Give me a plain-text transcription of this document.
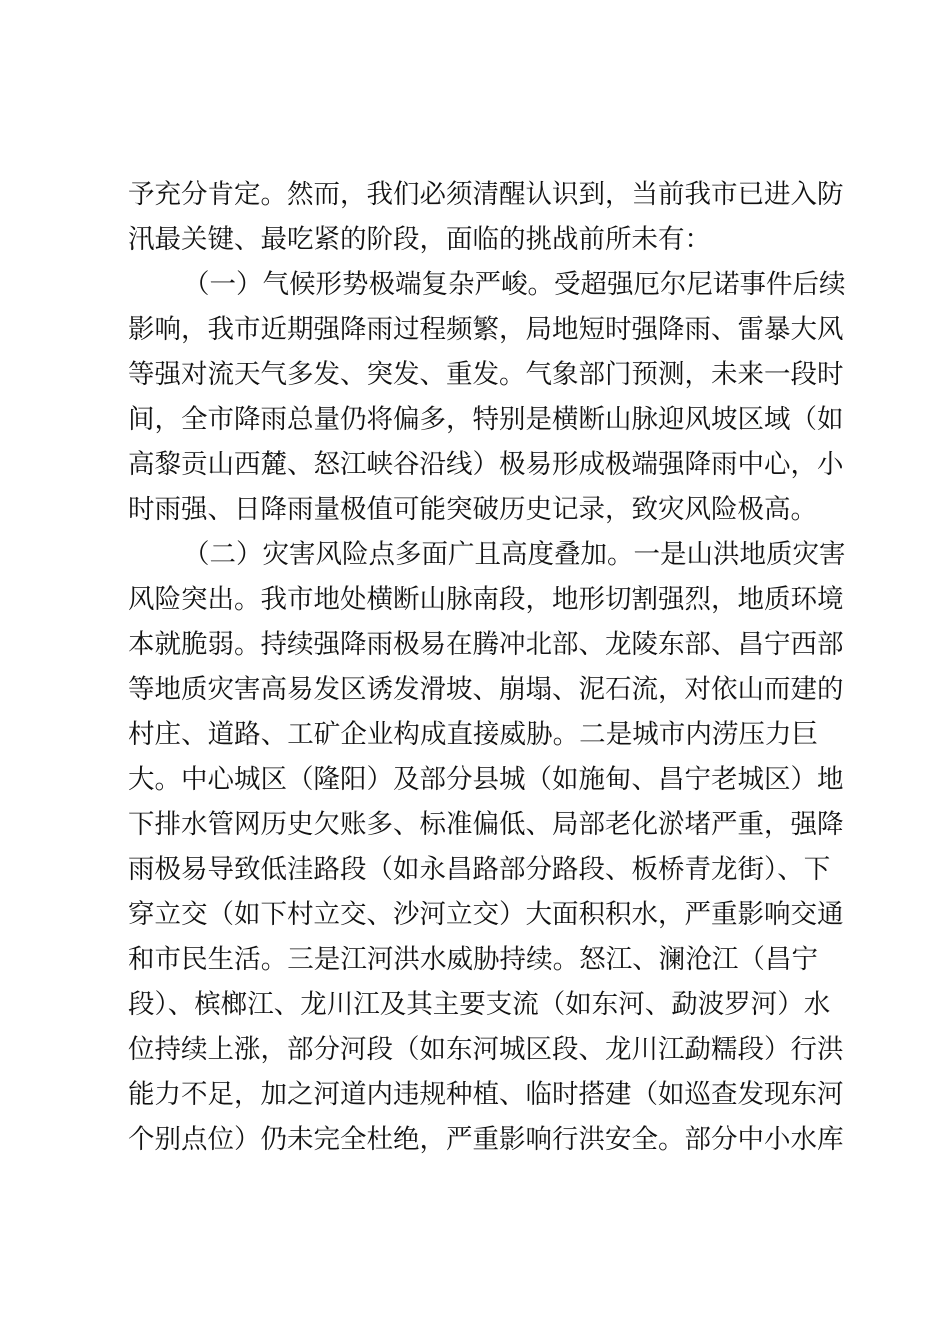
予充分肯定。然而，我们必须清醒认识到，当前我市已进入防
汛最关键、最吃紧的阶段，面临的挑战前所未有：
（一）气候形势极端复杂严峻。受超强厄尔尼诺事件后续
影响，我市近期强降雨过程频繁，局地短时强降雨、雷暴大风
等强对流天气多发、突发、重发。气象部门预测，未来一段时
间，全市降雨总量仍将偏多，特别是横断山脉迎风坡区域（如
高黎贡山西麓、怒江峡谷沿线）极易形成极端强降雨中心，小
时雨强、日降雨量极值可能突破历史记录，致灾风险极高。
（二）灾害风险点多面广且高度叠加。一是山洪地质灾害
风险突出。我市地处横断山脉南段，地形切割强烈，地质环境
本就脆弱。持续强降雨极易在腾冲北部、龙陵东部、昌宁西部
等地质灾害高易发区诱发滑坡、崩塌、泥石流，对依山而建的
村庄、道路、工矿企业构成直接威胁。二是城市内涝压力巨
大。中心城区（隆阳）及部分县城（如施甸、昌宁老城区）地
下排水管网历史欠账多、标准偏低、局部老化淤堵严重，强降
雨极易导致低洼路段（如永昌路部分路段、板桥青龙街）、下
穿立交（如下村立交、沙河立交）大面积积水，严重影响交通
和市民生活。三是江河洪水威胁持续。怒江、澜沧江（昌宁
段）、槟榔江、龙川江及其主要支流（如东河、勐波罗河）水
位持续上涨，部分河段（如东河城区段、龙川江勐糯段）行洪
能力不足，加之河道内违规种植、临时搭建（如巡查发现东河
个别点位）仍未完全杜绝，严重影响行洪安全。部分中小水库
